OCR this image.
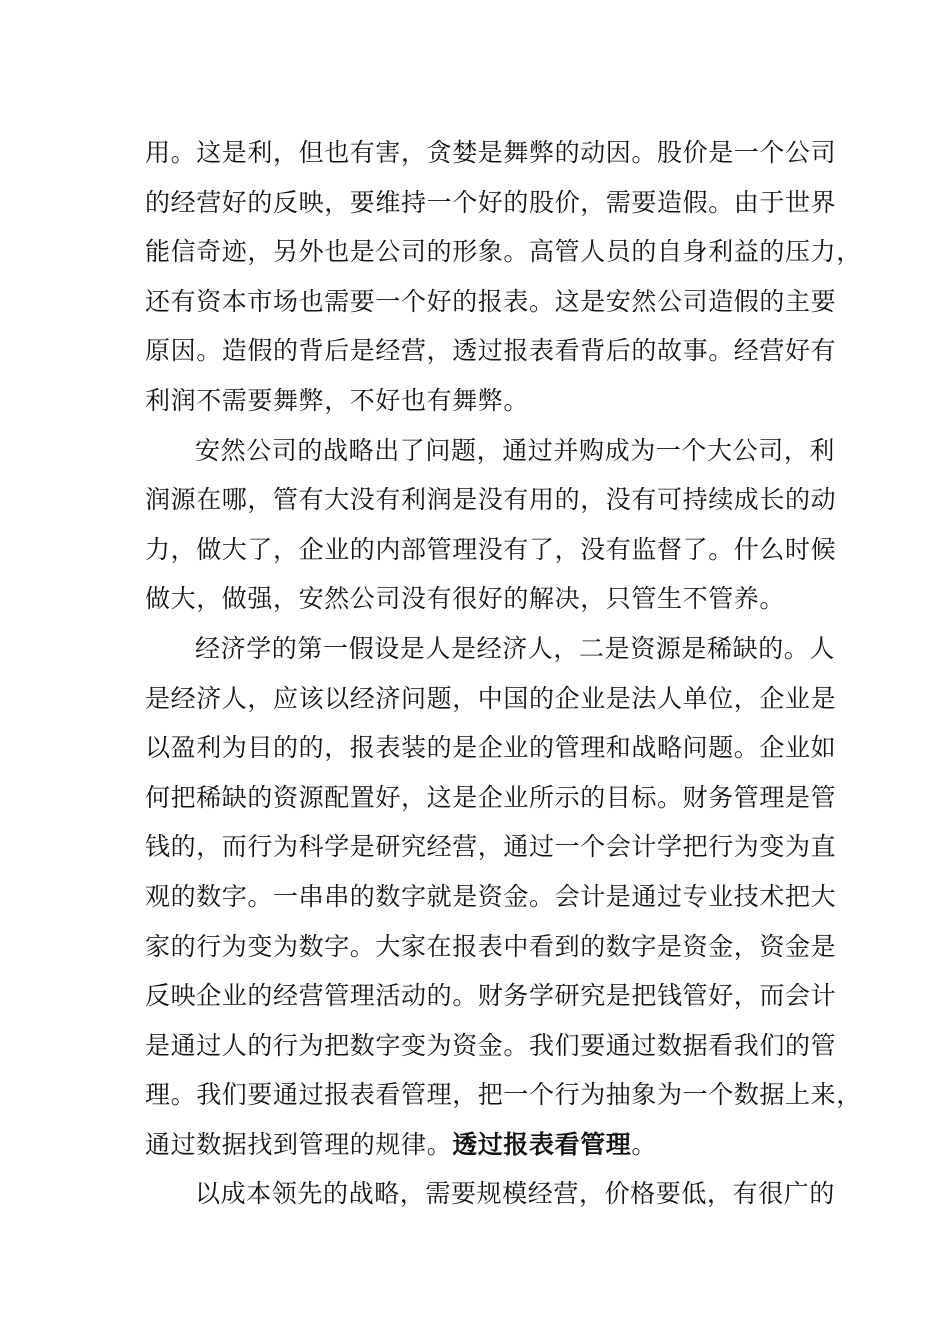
用。这是利，但也有害，贪婪是舞弊的动因。股价是一个公司
的经营好的反映，要维持一个好的股价，需要造假。由于世界
能信奇迹，另外也是公司的形象。高管人员的自身利益的压力，
还有资本市场也需要一个好的报表。这是安然公司造假的主要
原因。造假的背后是经营，透过报表看背后的故事。经营好有
利润不需要舞弊，不好也有舞弊。
安然公司的战略出了问题，通过并购成为一个大公司，利
润源在哪，管有大没有利润是没有用的，没有可持续成长的动
力，做大了，企业的内部管理没有了，没有监督了。什么时候
做大，做强，安然公司没有很好的解决，只管生不管养。
经济学的第一假设是人是经济人，二是资源是稀缺的。人
是经济人，应该以经济问题，中国的企业是法人单位，企业是
以盈利为目的的，报表装的是企业的管理和战略问题。企业如
何把稀缺的资源配置好，这是企业所示的目标。财务管理是管
钱的，而行为科学是研究经营，通过一个会计学把行为变为直
观的数字。一串串的数字就是资金。会计是通过专业技术把大
家的行为变为数字。大家在报表中看到的数字是资金，资金是
反映企业的经营管理活动的。财务学研究是把钱管好，而会计
是通过人的行为把数字变为资金。我们要通过数据看我们的管
理。我们要通过报表看管理，把一个行为抽象为一个数据上来，
通过数据找到管理的规律。透过报表看管理。
以成本领先的战略，需要规模经营，价格要低，有很广的
